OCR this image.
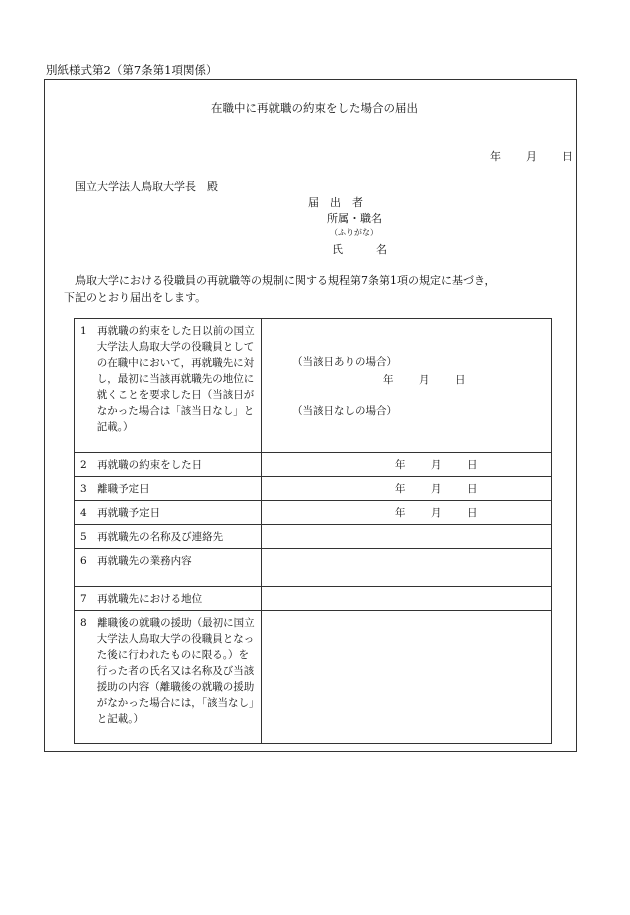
別紙様式第2（第7条第1項関係）
在職中に再就職の約束をした場合の届出
年 月 日
国立大学法人鳥取大学長　殿
届　出　者
所属・職名
（ふりがな）
氏　　　名
鳥取大学における役職員の再就職等の規制に関する規程第7条第1項の規定に基づき，
下記のとおり届出をします。
1　再就職の約束をした日以前の国立大学法人鳥取大学の役職員としての在職中において，再就職先に対し，最初に当該再就職先の地位に就くことを要求した日（当該日がなかった場合は「該当日なし」と記載。）	（当該日ありの場合）
年 月 日
（当該日なしの場合）

2　再就職の約束をした日	年 月 日

3　離職予定日	年 月 日

4　再就職予定日	年 月 日

5　再就職先の名称及び連絡先	

6　再就職先の業務内容	

7　再就職先における地位	

8　離職後の就職の援助（最初に国立大学法人鳥取大学の役職員となった後に行われたものに限る。）を行った者の氏名又は名称及び当該援助の内容（離職後の就職の援助がなかった場合には，「該当なし」と記載。）	
